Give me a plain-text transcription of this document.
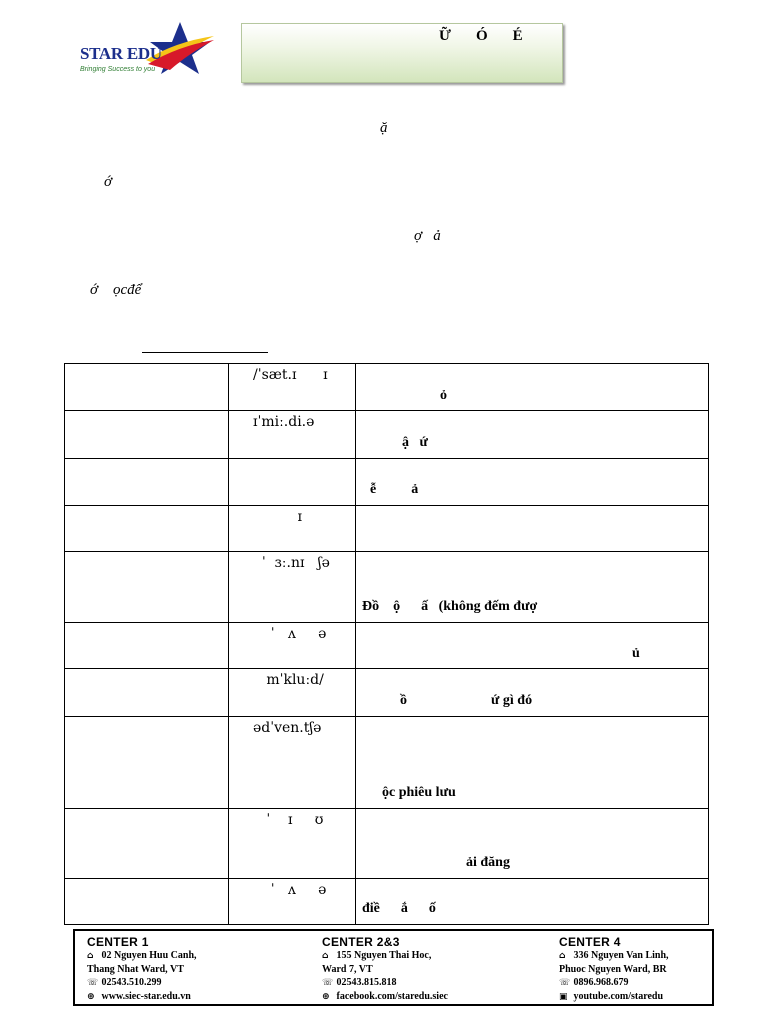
STAR EDU
Bringing Success to you
Ữ    Ó    É
ặ
ớ
ợ   ả
ớ    ọcđể

	/ˈsæt.ɪ      ɪ	ỏ

	ɪˈmiː.di.ə	ậ   ứ

		ễ          ả

	ɪ	

	ˈ  ɜː.nɪ   ʃə	Đồ    ộ      ấ   (không đếm đượ

	ˈ   ʌ     ə	ủ

	mˈkluːd/	ồ                        ứ gì đó

	ədˈven.tʃə	ộc phiêu lưu

	ˈ    ɪ     ʊ	ải đăng

	ˈ   ʌ     ə	điề      ắ      ố
CENTER 1
⌂ 02 Nguyen Huu Canh,
Thang Nhat Ward, VT
☏ 02543.510.299
⊕ www.siec-star.edu.vn
CENTER 2&3
⌂ 155 Nguyen Thai Hoc,
Ward 7, VT
☏ 02543.815.818
⊕ facebook.com/staredu.siec
CENTER 4
⌂ 336 Nguyen Van Linh,
Phuoc Nguyen Ward, BR
☏ 0896.968.679
▣ youtube.com/staredu
